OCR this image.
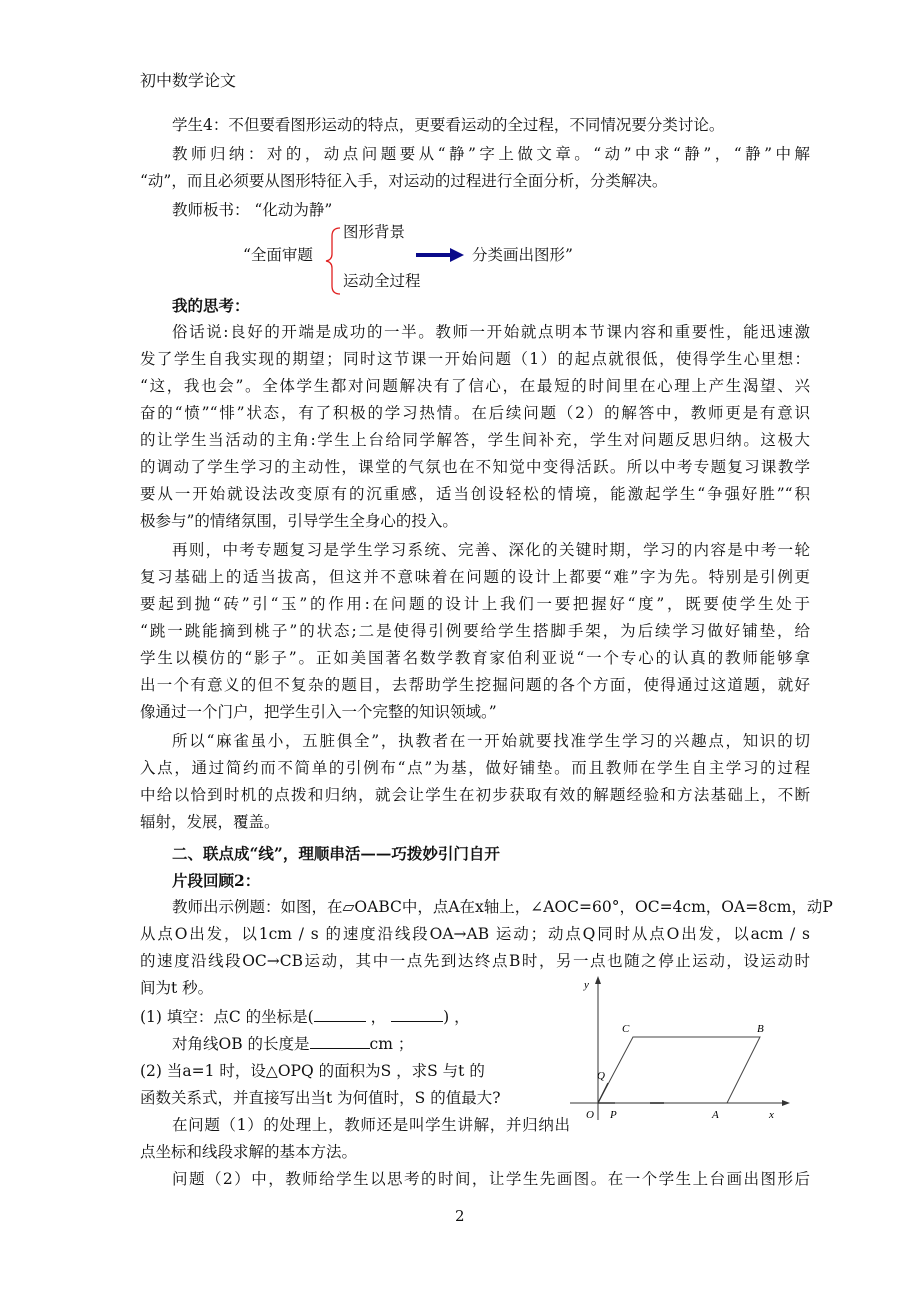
初中数学论文
学生4：不但要看图形运动的特点，更要看运动的全过程，不同情况要分类讨论。
教师归纳：对的，动点问题要从“静”字上做文章。“动”中求“静”，“静”中解
“动”，而且必须要从图形特征入手，对运动的过程进行全面分析，分类解决。
教师板书： “化动为静”
“全面审题
图形背景
运动全过程
分类画出图形”
我的思考：
俗话说:良好的开端是成功的一半。教师一开始就点明本节课内容和重要性，能迅速激
发了学生自我实现的期望；同时这节课一开始问题（1）的起点就很低，使得学生心里想：
“这，我也会”。全体学生都对问题解决有了信心，在最短的时间里在心理上产生渴望、兴
奋的“愤”“悱”状态，有了积极的学习热情。在后续问题（2）的解答中，教师更是有意识
的让学生当活动的主角:学生上台给同学解答，学生间补充，学生对问题反思归纳。这极大
的调动了学生学习的主动性，课堂的气氛也在不知觉中变得活跃。所以中考专题复习课教学
要从一开始就设法改变原有的沉重感，适当创设轻松的情境，能激起学生“争强好胜”“积
极参与”的情绪氛围，引导学生全身心的投入。
再则，中考专题复习是学生学习系统、完善、深化的关键时期，学习的内容是中考一轮
复习基础上的适当拔高，但这并不意味着在问题的设计上都要“难”字为先。特别是引例更
要起到抛“砖”引“玉”的作用:在问题的设计上我们一要把握好“度”，既要使学生处于
“跳一跳能摘到桃子”的状态;二是使得引例要给学生搭脚手架，为后续学习做好铺垫，给
学生以模仿的“影子”。正如美国著名数学教育家伯利亚说“一个专心的认真的教师能够拿
出一个有意义的但不复杂的题目，去帮助学生挖掘问题的各个方面，使得通过这道题，就好
像通过一个门户，把学生引入一个完整的知识领域。”
所以“麻雀虽小，五脏俱全”，执教者在一开始就要找准学生学习的兴趣点，知识的切
入点，通过简约而不简单的引例布“点”为基，做好铺垫。而且教师在学生自主学习的过程
中给以恰到时机的点拨和归纳，就会让学生在初步获取有效的解题经验和方法基础上，不断
辐射，发展，覆盖。
二、联点成“线”，理顺串活——巧拨妙引门自开
片段回顾2：
教师出示例题：如图，在▱OABC中，点A在x轴上，∠AOC=60°，OC=4cm，OA=8cm，动P
从点O出发，以1cm / s 的速度沿线段OA→AB 运动；动点Q同时从点O出发，以acm / s
的速度沿线段OC→CB运动，其中一点先到达终点B时，另一点也随之停止运动，设运动时
间为t 秒。
(1) 填空：点C 的坐标是(	，	) ，
对角线OB 的长度是	cm ；
(2) 当a=1 时，设△OPQ 的面积为S ，求S 与t 的
函数关系式，并直接写出当t 为何值时，S 的值最大?
在问题（1）的处理上，教师还是叫学生讲解，并归纳出
点坐标和线段求解的基本方法。
问题（2）中，教师给学生以思考的时间，让学生先画图。在一个学生上台画出图形后
y
x
O	A
B
C
P
Q
2
